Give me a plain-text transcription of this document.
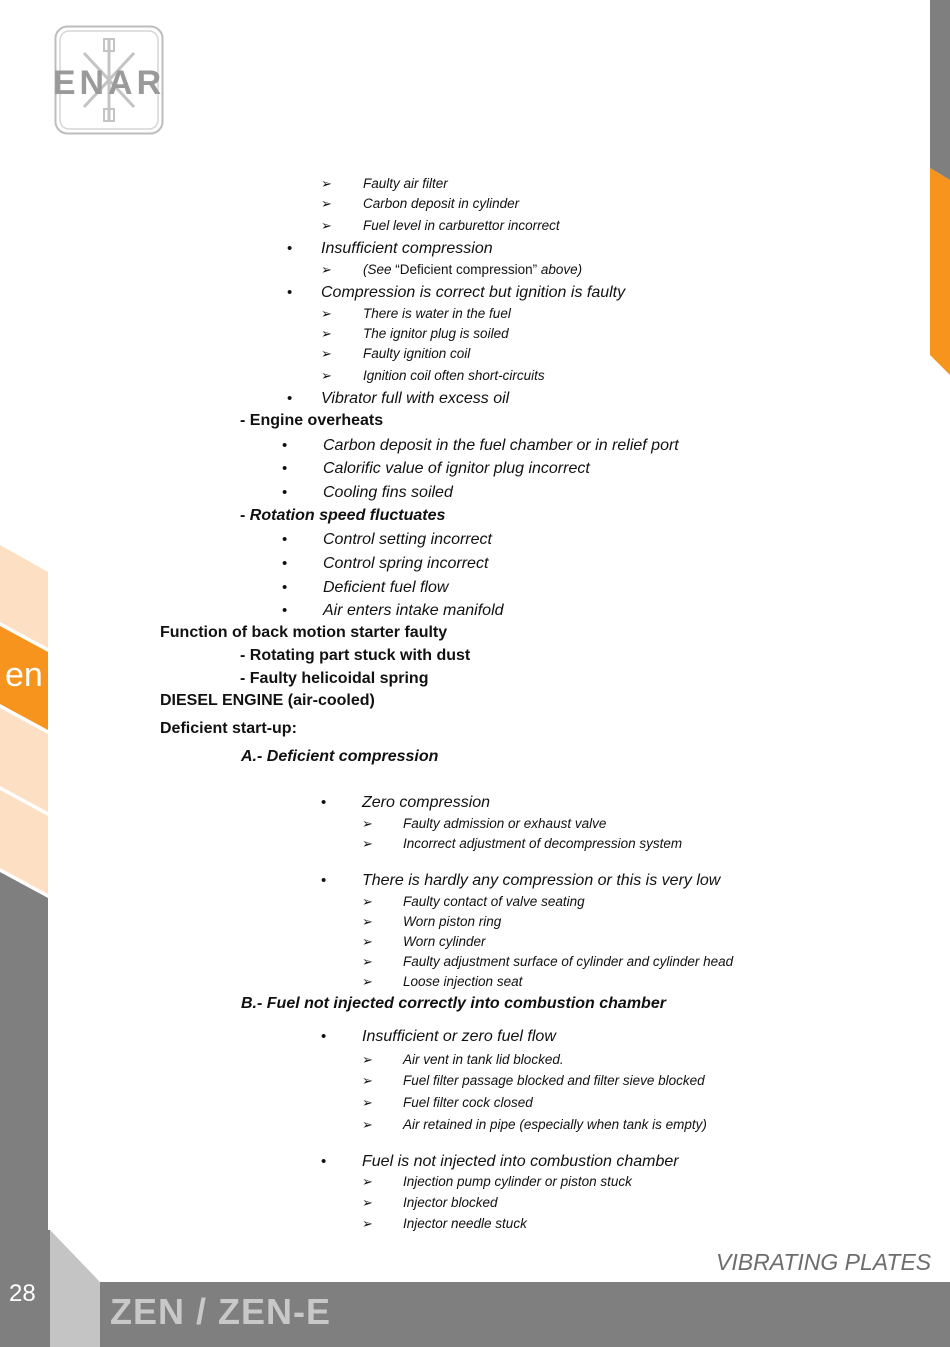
ENAR
en
➢ Faulty air filter
➢ Carbon deposit in cylinder
➢ Fuel level in carburettor incorrect
• Insufficient compression
➢ (See “Deficient compression” above)
• Compression is correct but ignition is faulty
➢ There is water in the fuel
➢ The ignitor plug is soiled
➢ Faulty ignition coil
➢ Ignition coil often short-circuits
• Vibrator full with excess oil
- Engine overheats
• Carbon deposit in the fuel chamber or in relief port
• Calorific value of ignitor plug incorrect
• Cooling fins soiled
- Rotation speed fluctuates
• Control setting incorrect
• Control spring incorrect
• Deficient fuel flow
• Air enters intake manifold
Function of back motion starter faulty
- Rotating part stuck with dust
- Faulty helicoidal spring
DIESEL ENGINE (air-cooled)
Deficient start-up:
A.- Deficient compression
• Zero compression
➢ Faulty admission or exhaust valve
➢ Incorrect adjustment of decompression system
• There is hardly any compression or this is very low
➢ Faulty contact of valve seating
➢ Worn piston ring
➢ Worn cylinder
➢ Faulty adjustment surface of cylinder and cylinder head
➢ Loose injection seat
B.- Fuel not injected correctly into combustion chamber
• Insufficient or zero fuel flow
➢ Air vent in tank lid blocked.
➢ Fuel filter passage blocked and filter sieve blocked
➢ Fuel filter cock closed
➢ Air retained in pipe (especially when tank is empty)
• Fuel is not injected into combustion chamber
➢ Injection pump cylinder or piston stuck
➢ Injector blocked
➢ Injector needle stuck
VIBRATING PLATES
28 ZEN / ZEN-E
